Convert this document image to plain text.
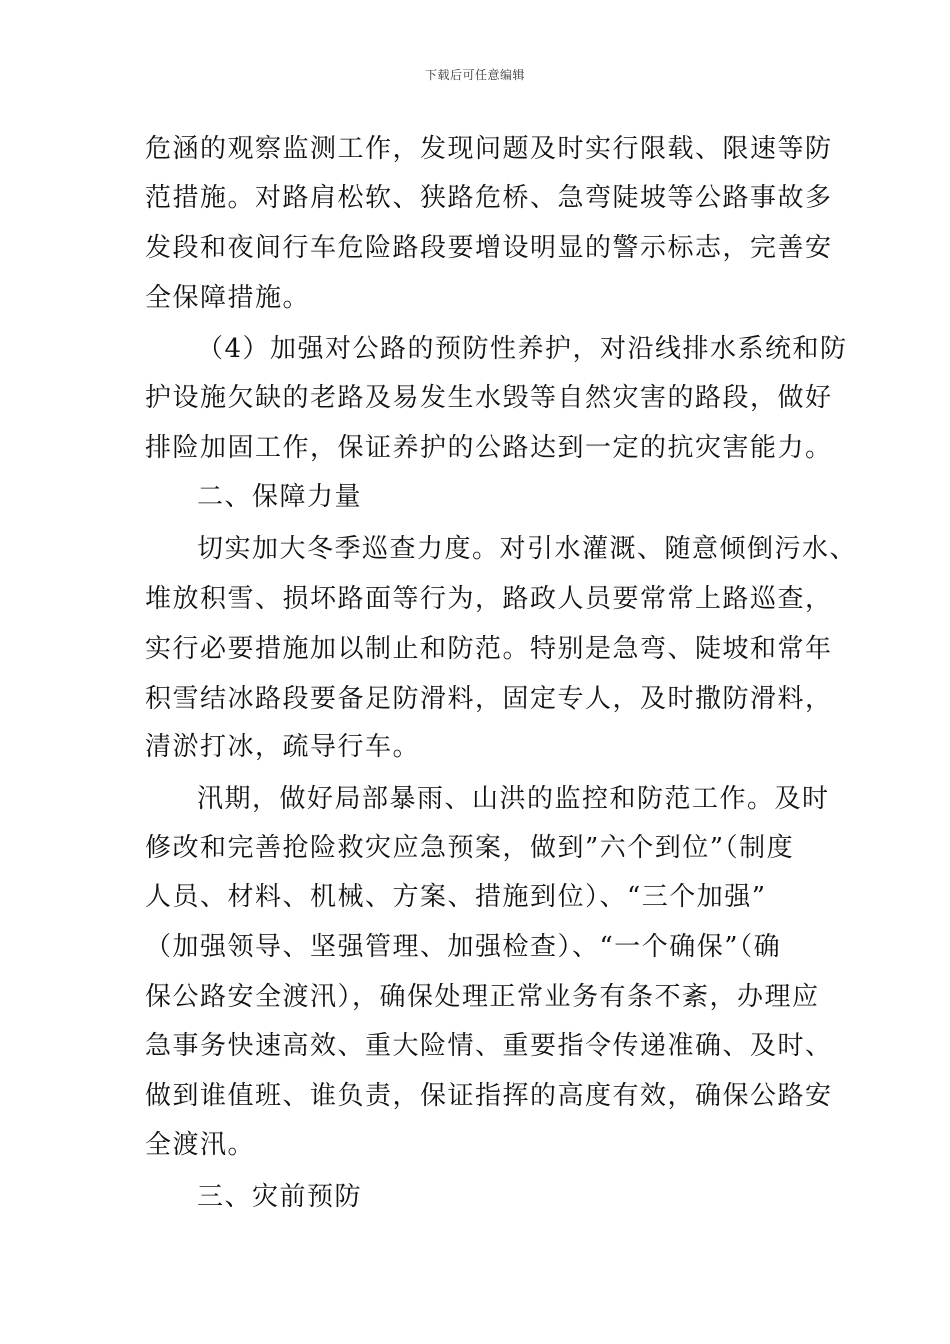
下载后可任意编辑
危涵的观察监测工作，发现问题及时实行限载、限速等防
范措施。对路肩松软、狭路危桥、急弯陡坡等公路事故多
发段和夜间行车危险路段要增设明显的警示标志，完善安
全保障措施。
（4）加强对公路的预防性养护，对沿线排水系统和防
护设施欠缺的老路及易发生水毁等自然灾害的路段，做好
排险加固工作，保证养护的公路达到一定的抗灾害能力。
二、保障力量
切实加大冬季巡查力度。对引水灌溉、随意倾倒污水、
堆放积雪、损坏路面等行为，路政人员要常常上路巡查，
实行必要措施加以制止和防范。特别是急弯、陡坡和常年
积雪结冰路段要备足防滑料，固定专人，及时撒防滑料，
清淤打冰，疏导行车。
汛期，做好局部暴雨、山洪的监控和防范工作。及时
修改和完善抢险救灾应急预案，做到”六个到位”（制度
人员、材料、机械、方案、措施到位）、“三个加强”
（加强领导、坚强管理、加强检查）、“一个确保”（确
保公路安全渡汛），确保处理正常业务有条不紊，办理应
急事务快速高效、重大险情、重要指令传递准确、及时、
做到谁值班、谁负责，保证指挥的高度有效，确保公路安
全渡汛。
三、灾前预防
